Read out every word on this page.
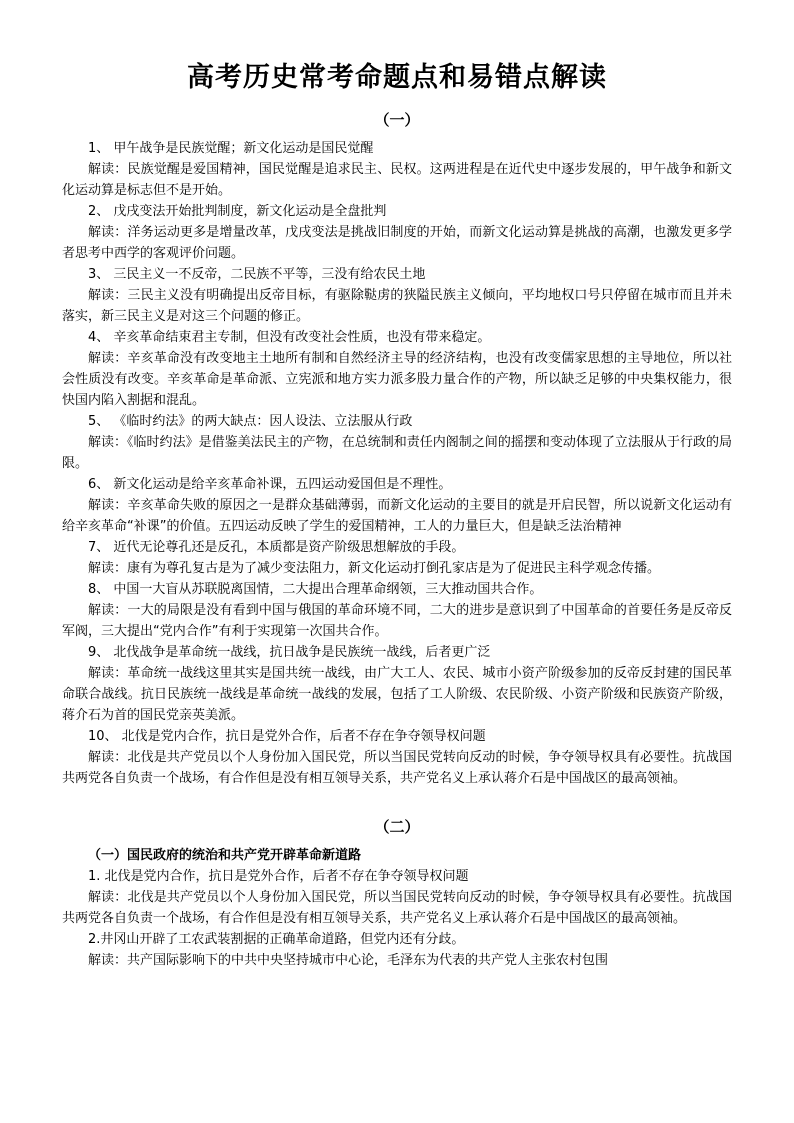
高考历史常考命题点和易错点解读
（一）

1、 甲午战争是民族觉醒；新文化运动是国民觉醒

解读：民族觉醒是爱国精神，国民觉醒是追求民主、民权。这两进程是在近代史中逐步发展的，甲午战争和新文化运动算是标志但不是开始。

2、 戊戌变法开始批判制度，新文化运动是全盘批判

解读：洋务运动更多是增量改革，戊戌变法是挑战旧制度的开始，而新文化运动算是挑战的高潮，也激发更多学者思考中西学的客观评价问题。

3、 三民主义一不反帝，二民族不平等，三没有给农民土地

解读：三民主义没有明确提出反帝目标，有驱除鞑虏的狭隘民族主义倾向，平均地权口号只停留在城市而且并未落实，新三民主义是对这三个问题的修正。

4、 辛亥革命结束君主专制，但没有改变社会性质，也没有带来稳定。

解读：辛亥革命没有改变地主土地所有制和自然经济主导的经济结构，也没有改变儒家思想的主导地位，所以社会性质没有改变。辛亥革命是革命派、立宪派和地方实力派多股力量合作的产物，所以缺乏足够的中央集权能力，很快国内陷入割据和混乱。

5、 《临时约法》的两大缺点：因人设法、立法服从行政

解读：《临时约法》是借鉴美法民主的产物，在总统制和责任内阁制之间的摇摆和变动体现了立法服从于行政的局限。

6、 新文化运动是给辛亥革命补课，五四运动爱国但是不理性。

解读：辛亥革命失败的原因之一是群众基础薄弱，而新文化运动的主要目的就是开启民智，所以说新文化运动有给辛亥革命“补课”的价值。五四运动反映了学生的爱国精神，工人的力量巨大，但是缺乏法治精神

7、 近代无论尊孔还是反孔，本质都是资产阶级思想解放的手段。

解读：康有为尊孔复古是为了减少变法阻力，新文化运动打倒孔家店是为了促进民主科学观念传播。

8、 中国一大盲从苏联脱离国情，二大提出合理革命纲领，三大推动国共合作。

解读：一大的局限是没有看到中国与俄国的革命环境不同，二大的进步是意识到了中国革命的首要任务是反帝反军阀，三大提出“党内合作”有利于实现第一次国共合作。

9、 北伐战争是革命统一战线，抗日战争是民族统一战线，后者更广泛

解读：革命统一战线这里其实是国共统一战线，由广大工人、农民、城市小资产阶级参加的反帝反封建的国民革命联合战线。抗日民族统一战线是革命统一战线的发展，包括了工人阶级、农民阶级、小资产阶级和民族资产阶级，蒋介石为首的国民党亲英美派。

10、 北伐是党内合作，抗日是党外合作，后者不存在争夺领导权问题

解读：北伐是共产党员以个人身份加入国民党，所以当国民党转向反动的时候，争夺领导权具有必要性。抗战国共两党各自负责一个战场，有合作但是没有相互领导关系，共产党名义上承认蒋介石是中国战区的最高领袖。

（二）

（一）国民政府的统治和共产党开辟革命新道路

1. 北伐是党内合作，抗日是党外合作，后者不存在争夺领导权问题

解读：北伐是共产党员以个人身份加入国民党，所以当国民党转向反动的时候，争夺领导权具有必要性。抗战国共两党各自负责一个战场，有合作但是没有相互领导关系，共产党名义上承认蒋介石是中国战区的最高领袖。

2.井冈山开辟了工农武装割据的正确革命道路，但党内还有分歧。

解读：共产国际影响下的中共中央坚持城市中心论，毛泽东为代表的共产党人主张农村包围
